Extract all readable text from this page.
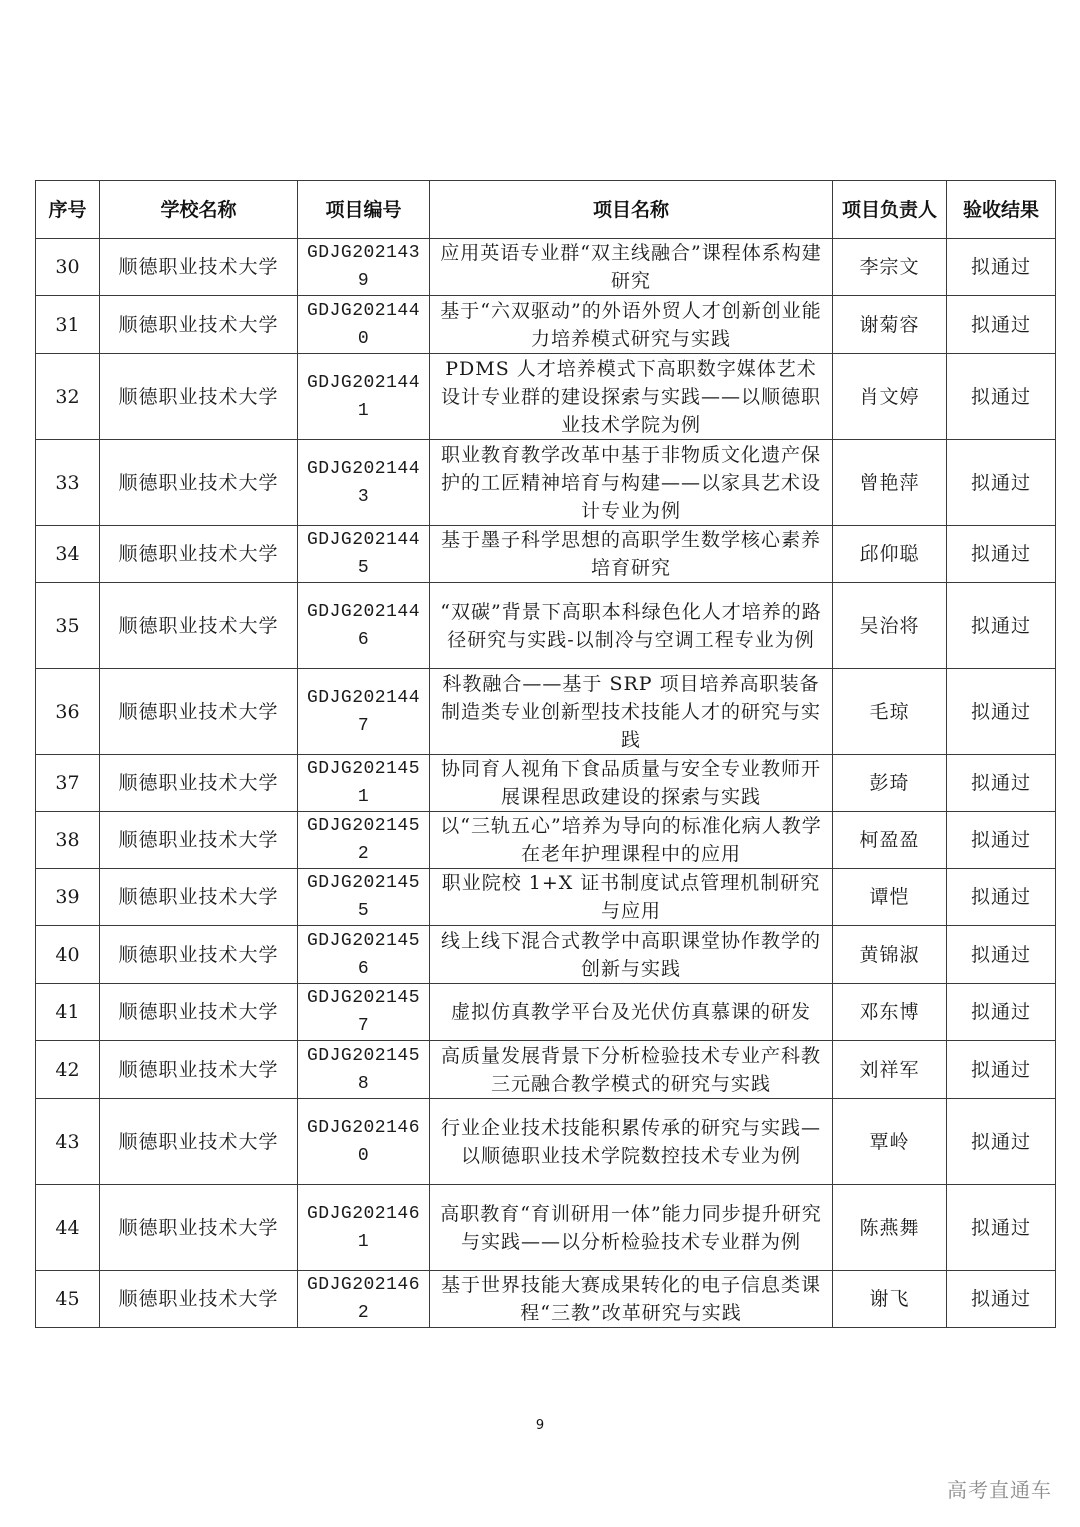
序号	学校名称	项目编号	项目名称	项目负责人	验收结果
30	顺德职业技术大学	GDJG2021439	应用英语专业群“双主线融合”课程体系构建研究	李宗文	拟通过
31	顺德职业技术大学	GDJG2021440	基于“六双驱动”的外语外贸人才创新创业能力培养模式研究与实践	谢菊容	拟通过
32	顺德职业技术大学	GDJG2021441	PDMS 人才培养模式下高职数字媒体艺术设计专业群的建设探索与实践——以顺德职业技术学院为例	肖文婷	拟通过
33	顺德职业技术大学	GDJG2021443	职业教育教学改革中基于非物质文化遗产保护的工匠精神培育与构建——以家具艺术设计专业为例	曾艳萍	拟通过
34	顺德职业技术大学	GDJG2021445	基于墨子科学思想的高职学生数学核心素养培育研究	邱仰聪	拟通过
35	顺德职业技术大学	GDJG2021446	“双碳”背景下高职本科绿色化人才培养的路径研究与实践-以制冷与空调工程专业为例	吴治将	拟通过
36	顺德职业技术大学	GDJG2021447	科教融合——基于 SRP 项目培养高职装备制造类专业创新型技术技能人才的研究与实践	毛琼	拟通过
37	顺德职业技术大学	GDJG2021451	协同育人视角下食品质量与安全专业教师开展课程思政建设的探索与实践	彭琦	拟通过
38	顺德职业技术大学	GDJG2021452	以“三轨五心”培养为导向的标准化病人教学在老年护理课程中的应用	柯盈盈	拟通过
39	顺德职业技术大学	GDJG2021455	职业院校 1+X 证书制度试点管理机制研究与应用	谭恺	拟通过
40	顺德职业技术大学	GDJG2021456	线上线下混合式教学中高职课堂协作教学的创新与实践	黄锦淑	拟通过
41	顺德职业技术大学	GDJG2021457	虚拟仿真教学平台及光伏仿真慕课的研发	邓东博	拟通过
42	顺德职业技术大学	GDJG2021458	高质量发展背景下分析检验技术专业产科教三元融合教学模式的研究与实践	刘祥军	拟通过
43	顺德职业技术大学	GDJG2021460	行业企业技术技能积累传承的研究与实践—以顺德职业技术学院数控技术专业为例	覃岭	拟通过
44	顺德职业技术大学	GDJG2021461	高职教育“育训研用一体”能力同步提升研究与实践——以分析检验技术专业群为例	陈燕舞	拟通过
45	顺德职业技术大学	GDJG2021462	基于世界技能大赛成果转化的电子信息类课程“三教”改革研究与实践	谢飞	拟通过
9
高考直通车
